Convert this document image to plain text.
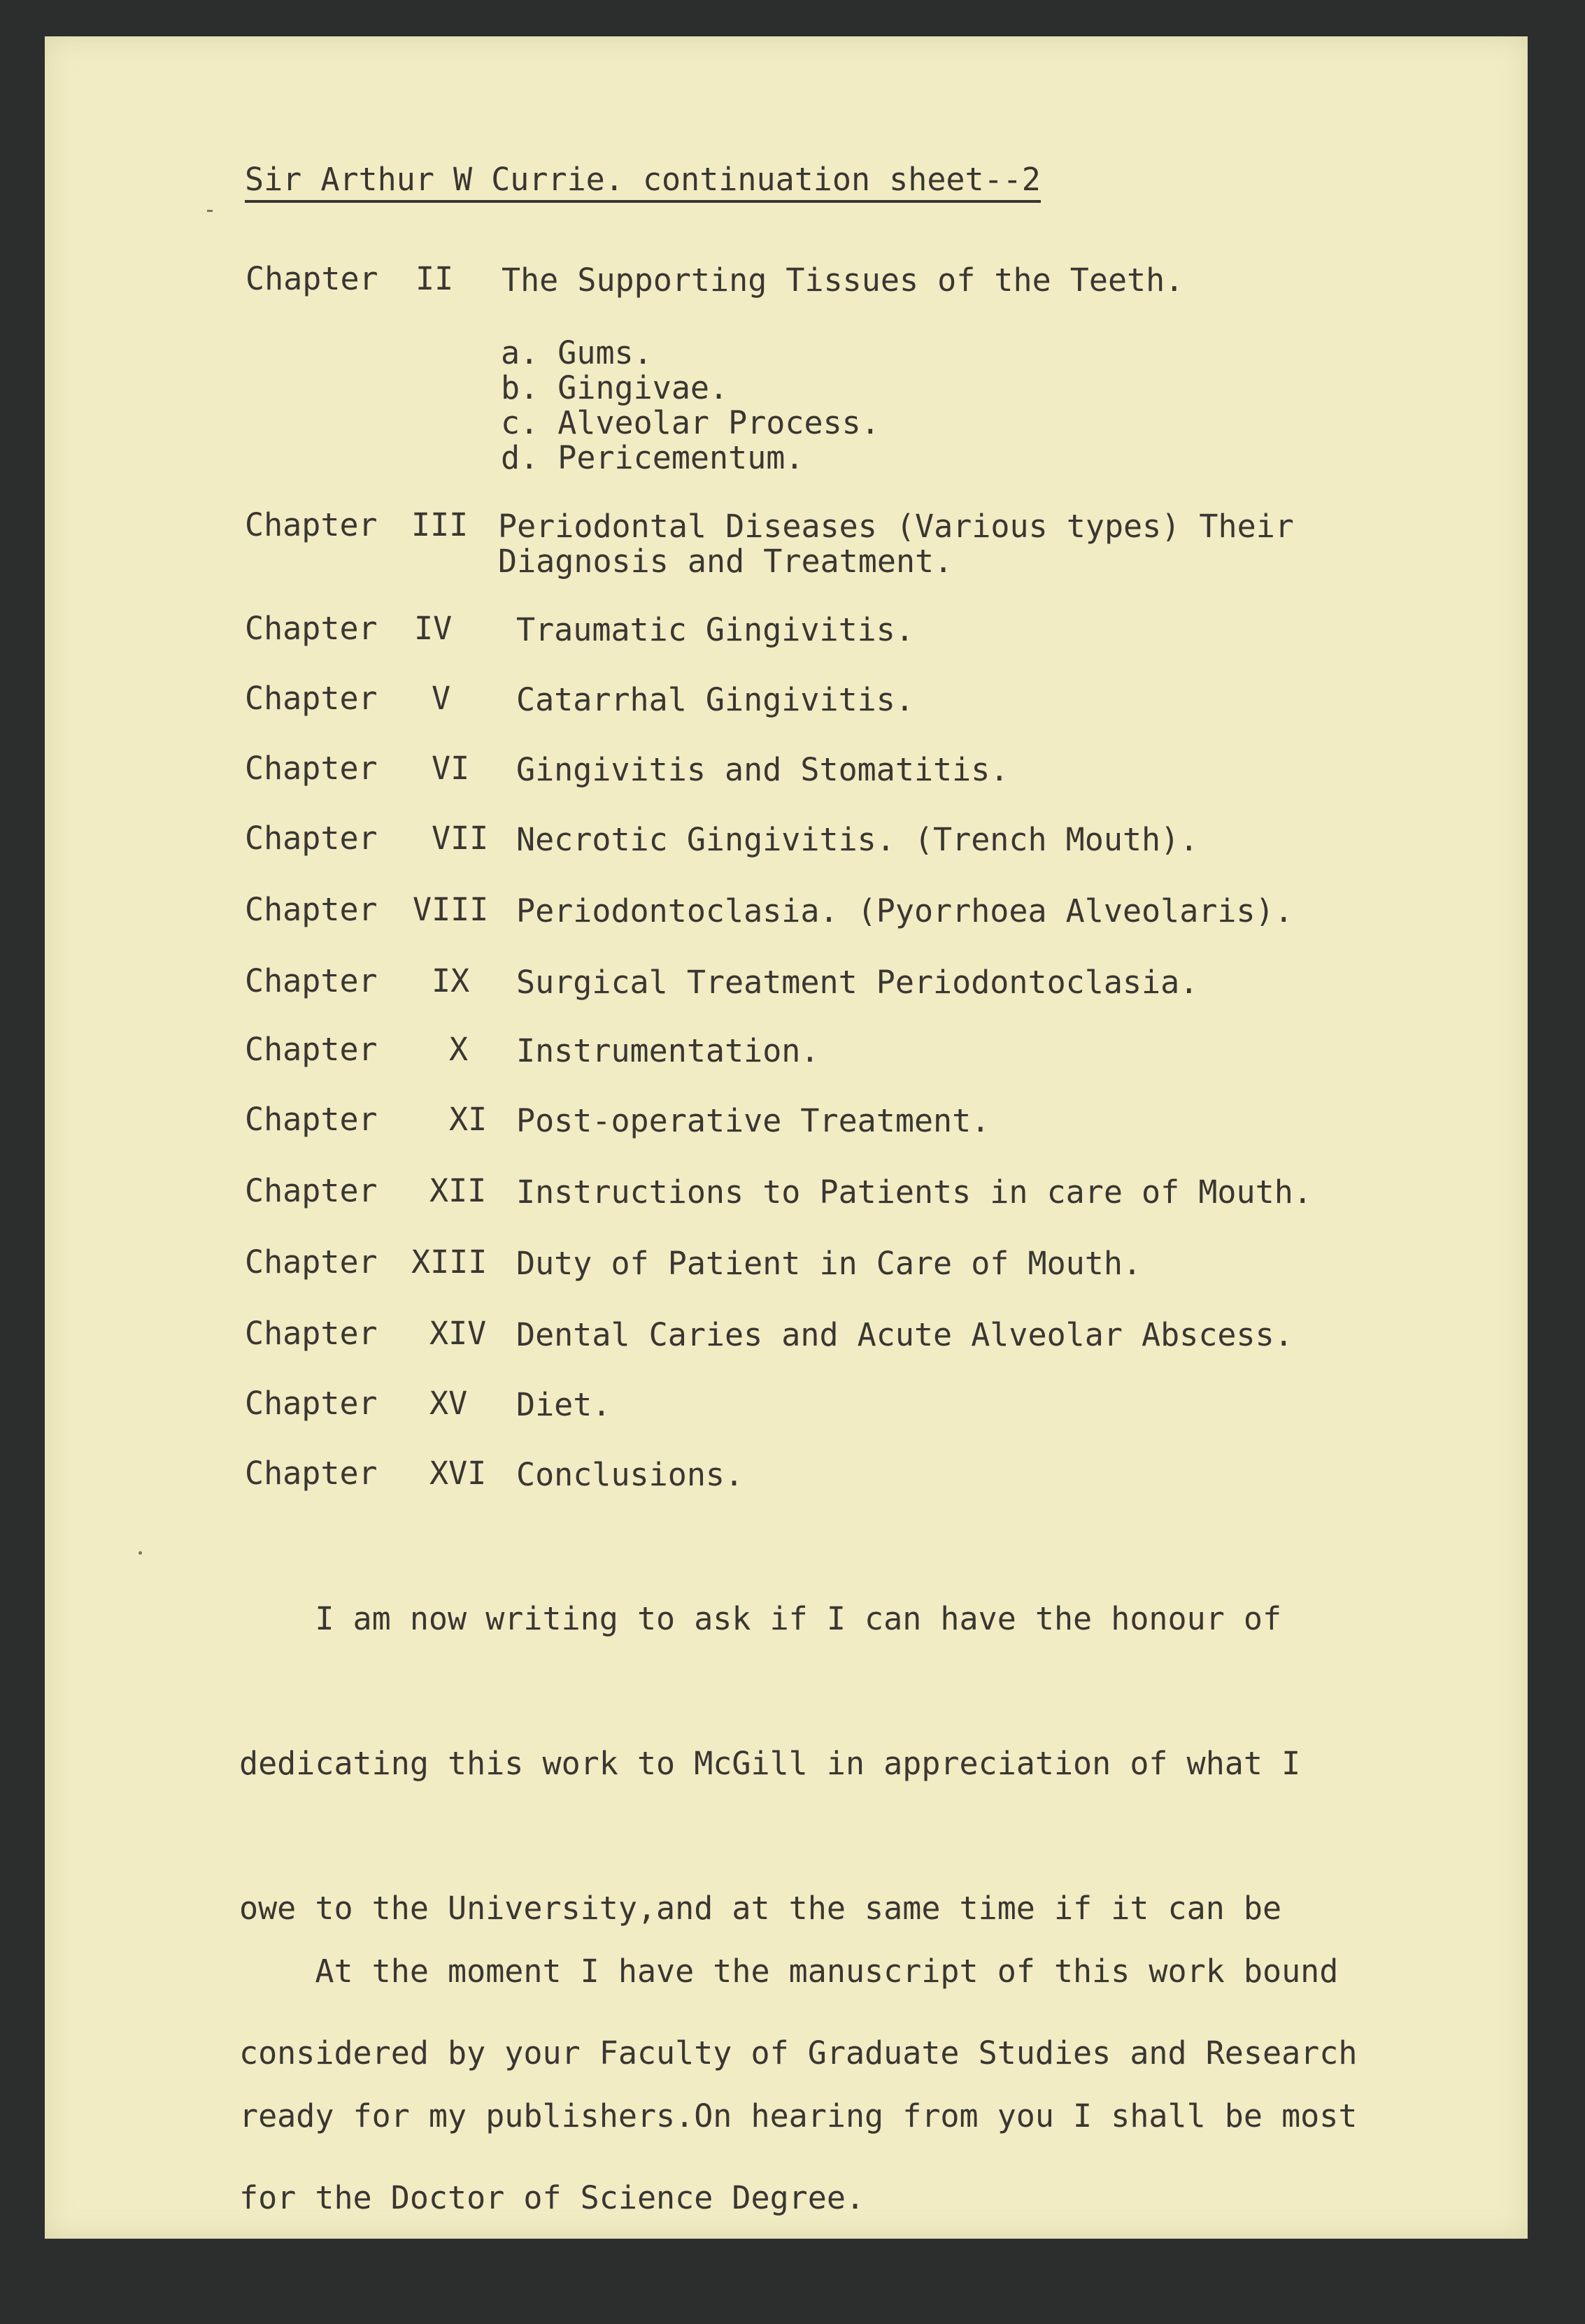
Sir Arthur W Currie. continuation sheet--2
Chapter II The Supporting Tissues of the Teeth.
a. Gums.
b. Gingivae.
c. Alveolar Process.
d. Pericementum.
Chapter III Periodontal Diseases (Various types) Their
Diagnosis and Treatment.
Chapter IV Traumatic Gingivitis.
Chapter V Catarrhal Gingivitis.
Chapter VI Gingivitis and Stomatitis.
Chapter VII Necrotic Gingivitis. (Trench Mouth).
Chapter VIII Periodontoclasia. (Pyorrhoea Alveolaris).
Chapter IX Surgical Treatment Periodontoclasia.
Chapter X Instrumentation.
Chapter XI Post-operative Treatment.
Chapter XII Instructions to Patients in care of Mouth.
Chapter XIII Duty of Patient in Care of Mouth.
Chapter XIV Dental Caries and Acute Alveolar Abscess.
Chapter XV Diet.
Chapter XVI Conclusions.

I am now writing to ask if I can have the honour of

dedicating this work to McGill in appreciation of what I

owe to the University,and at the same time if it can be

considered by your Faculty of Graduate Studies and Research

for the Doctor of Science Degree.

At the moment I have the manuscript of this work bound

ready for my publishers.On hearing from you I shall be most
